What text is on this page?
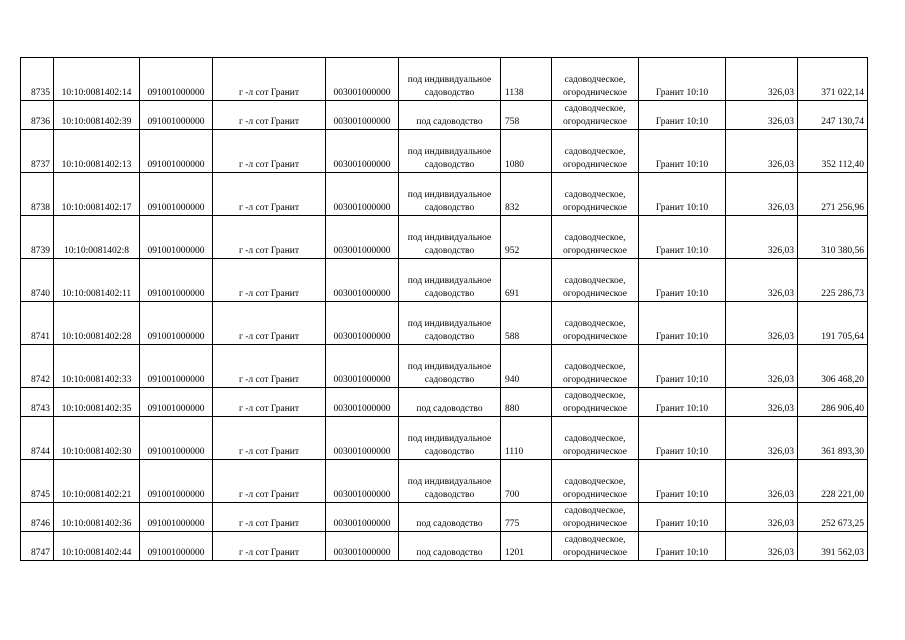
8735	10:10:0081402:14	091001000000	г -л сот Гранит	003001000000	под индивидуальное
садоводство	1138	садоводческое,
огородническое	Гранит 10:10	326,03	371 022,14
8736	10:10:0081402:39	091001000000	г -л сот Гранит	003001000000	под садоводство	758	садоводческое,
огородническое	Гранит 10:10	326,03	247 130,74
8737	10:10:0081402:13	091001000000	г -л сот Гранит	003001000000	под индивидуальное
садоводство	1080	садоводческое,
огородническое	Гранит 10:10	326,03	352 112,40
8738	10:10:0081402:17	091001000000	г -л сот Гранит	003001000000	под индивидуальное
садоводство	832	садоводческое,
огородническое	Гранит 10:10	326,03	271 256,96
8739	10:10:0081402:8	091001000000	г -л сот Гранит	003001000000	под индивидуальное
садоводство	952	садоводческое,
огородническое	Гранит 10:10	326,03	310 380,56
8740	10:10:0081402:11	091001000000	г -л сот Гранит	003001000000	под индивидуальное
садоводство	691	садоводческое,
огородническое	Гранит 10:10	326,03	225 286,73
8741	10:10:0081402:28	091001000000	г -л сот Гранит	003001000000	под индивидуальное
садоводство	588	садоводческое,
огородническое	Гранит 10:10	326,03	191 705,64
8742	10:10:0081402:33	091001000000	г -л сот Гранит	003001000000	под индивидуальное
садоводство	940	садоводческое,
огородническое	Гранит 10:10	326,03	306 468,20
8743	10:10:0081402:35	091001000000	г -л сот Гранит	003001000000	под садоводство	880	садоводческое,
огородническое	Гранит 10:10	326,03	286 906,40
8744	10:10:0081402:30	091001000000	г -л сот Гранит	003001000000	под индивидуальное
садоводство	1110	садоводческое,
огородническое	Гранит 10:10	326,03	361 893,30
8745	10:10:0081402:21	091001000000	г -л сот Гранит	003001000000	под индивидуальное
садоводство	700	садоводческое,
огородническое	Гранит 10:10	326,03	228 221,00
8746	10:10:0081402:36	091001000000	г -л сот Гранит	003001000000	под садоводство	775	садоводческое,
огородническое	Гранит 10:10	326,03	252 673,25
8747	10:10:0081402:44	091001000000	г -л сот Гранит	003001000000	под садоводство	1201	садоводческое,
огородническое	Гранит 10:10	326,03	391 562,03
